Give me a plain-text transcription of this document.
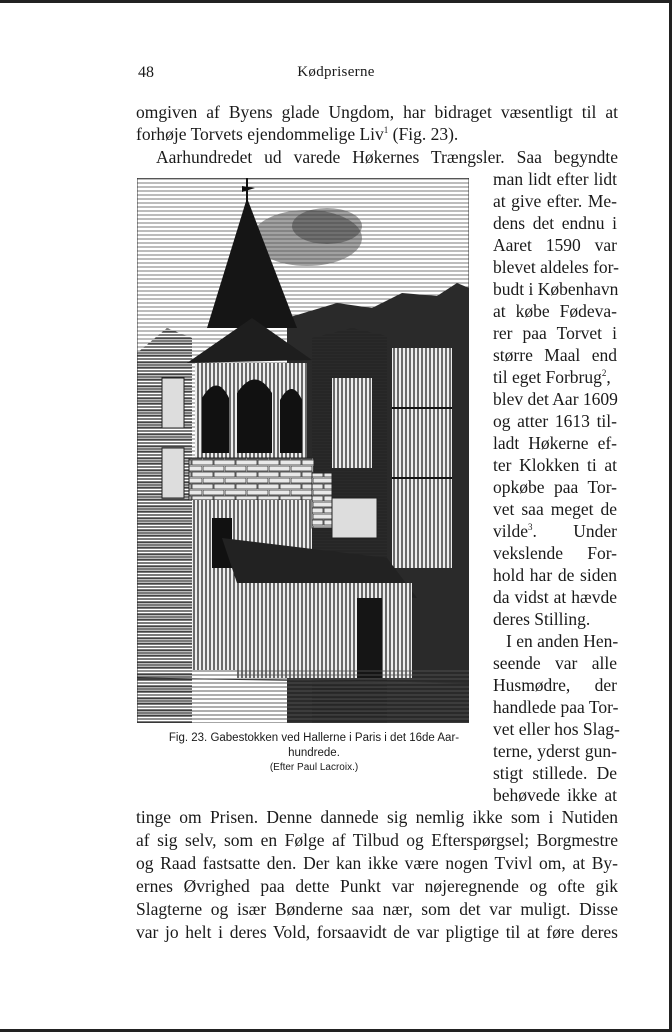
48	Kødpriserne
omgiven af Byens glade Ungdom, har bidraget væsentligt til at
forhøje Torvets ejendommelige Liv$^1$ (Fig. 23).
Aarhundredet ud varede Høkernes Trængsler. Saa begyndte
man lidt efter lidt
at give efter. Me-
dens det endnu i
Aaret 1590 var
blevet aldeles for-
budt i København
at købe Fødeva-
rer paa Torvet i
større Maal end
til eget Forbrug$^2$,
blev det Aar 1609
og atter 1613 til-
ladt Høkerne ef-
ter Klokken ti at
opkøbe paa Tor-
vet saa meget de
vilde$^3$. Under
vekslende For-
hold har de siden
da vidst at hævde
deres Stilling.
I en anden Hen-
seende var alle
Husmødre, der
handlede paa Tor-
vet eller hos Slag-
terne, yderst gun-
stigt stillede. De
behøvede ikke at
tinge om Prisen. Denne dannede sig nemlig ikke som i Nutiden
af sig selv, som en Følge af Tilbud og Efterspørgsel; Borgmestre
og Raad fastsatte den. Der kan ikke være nogen Tvivl om, at By-
ernes Øvrighed paa dette Punkt var nøjeregnende og ofte gik
Slagterne og især Bønderne saa nær, som det var muligt. Disse
var jo helt i deres Vold, forsaavidt de var pligtige til at føre deres
Fig. 23. Gabestokken ved Hallerne i Paris i det 16de Aar-
hundrede.
(Efter Paul Lacroix.)
